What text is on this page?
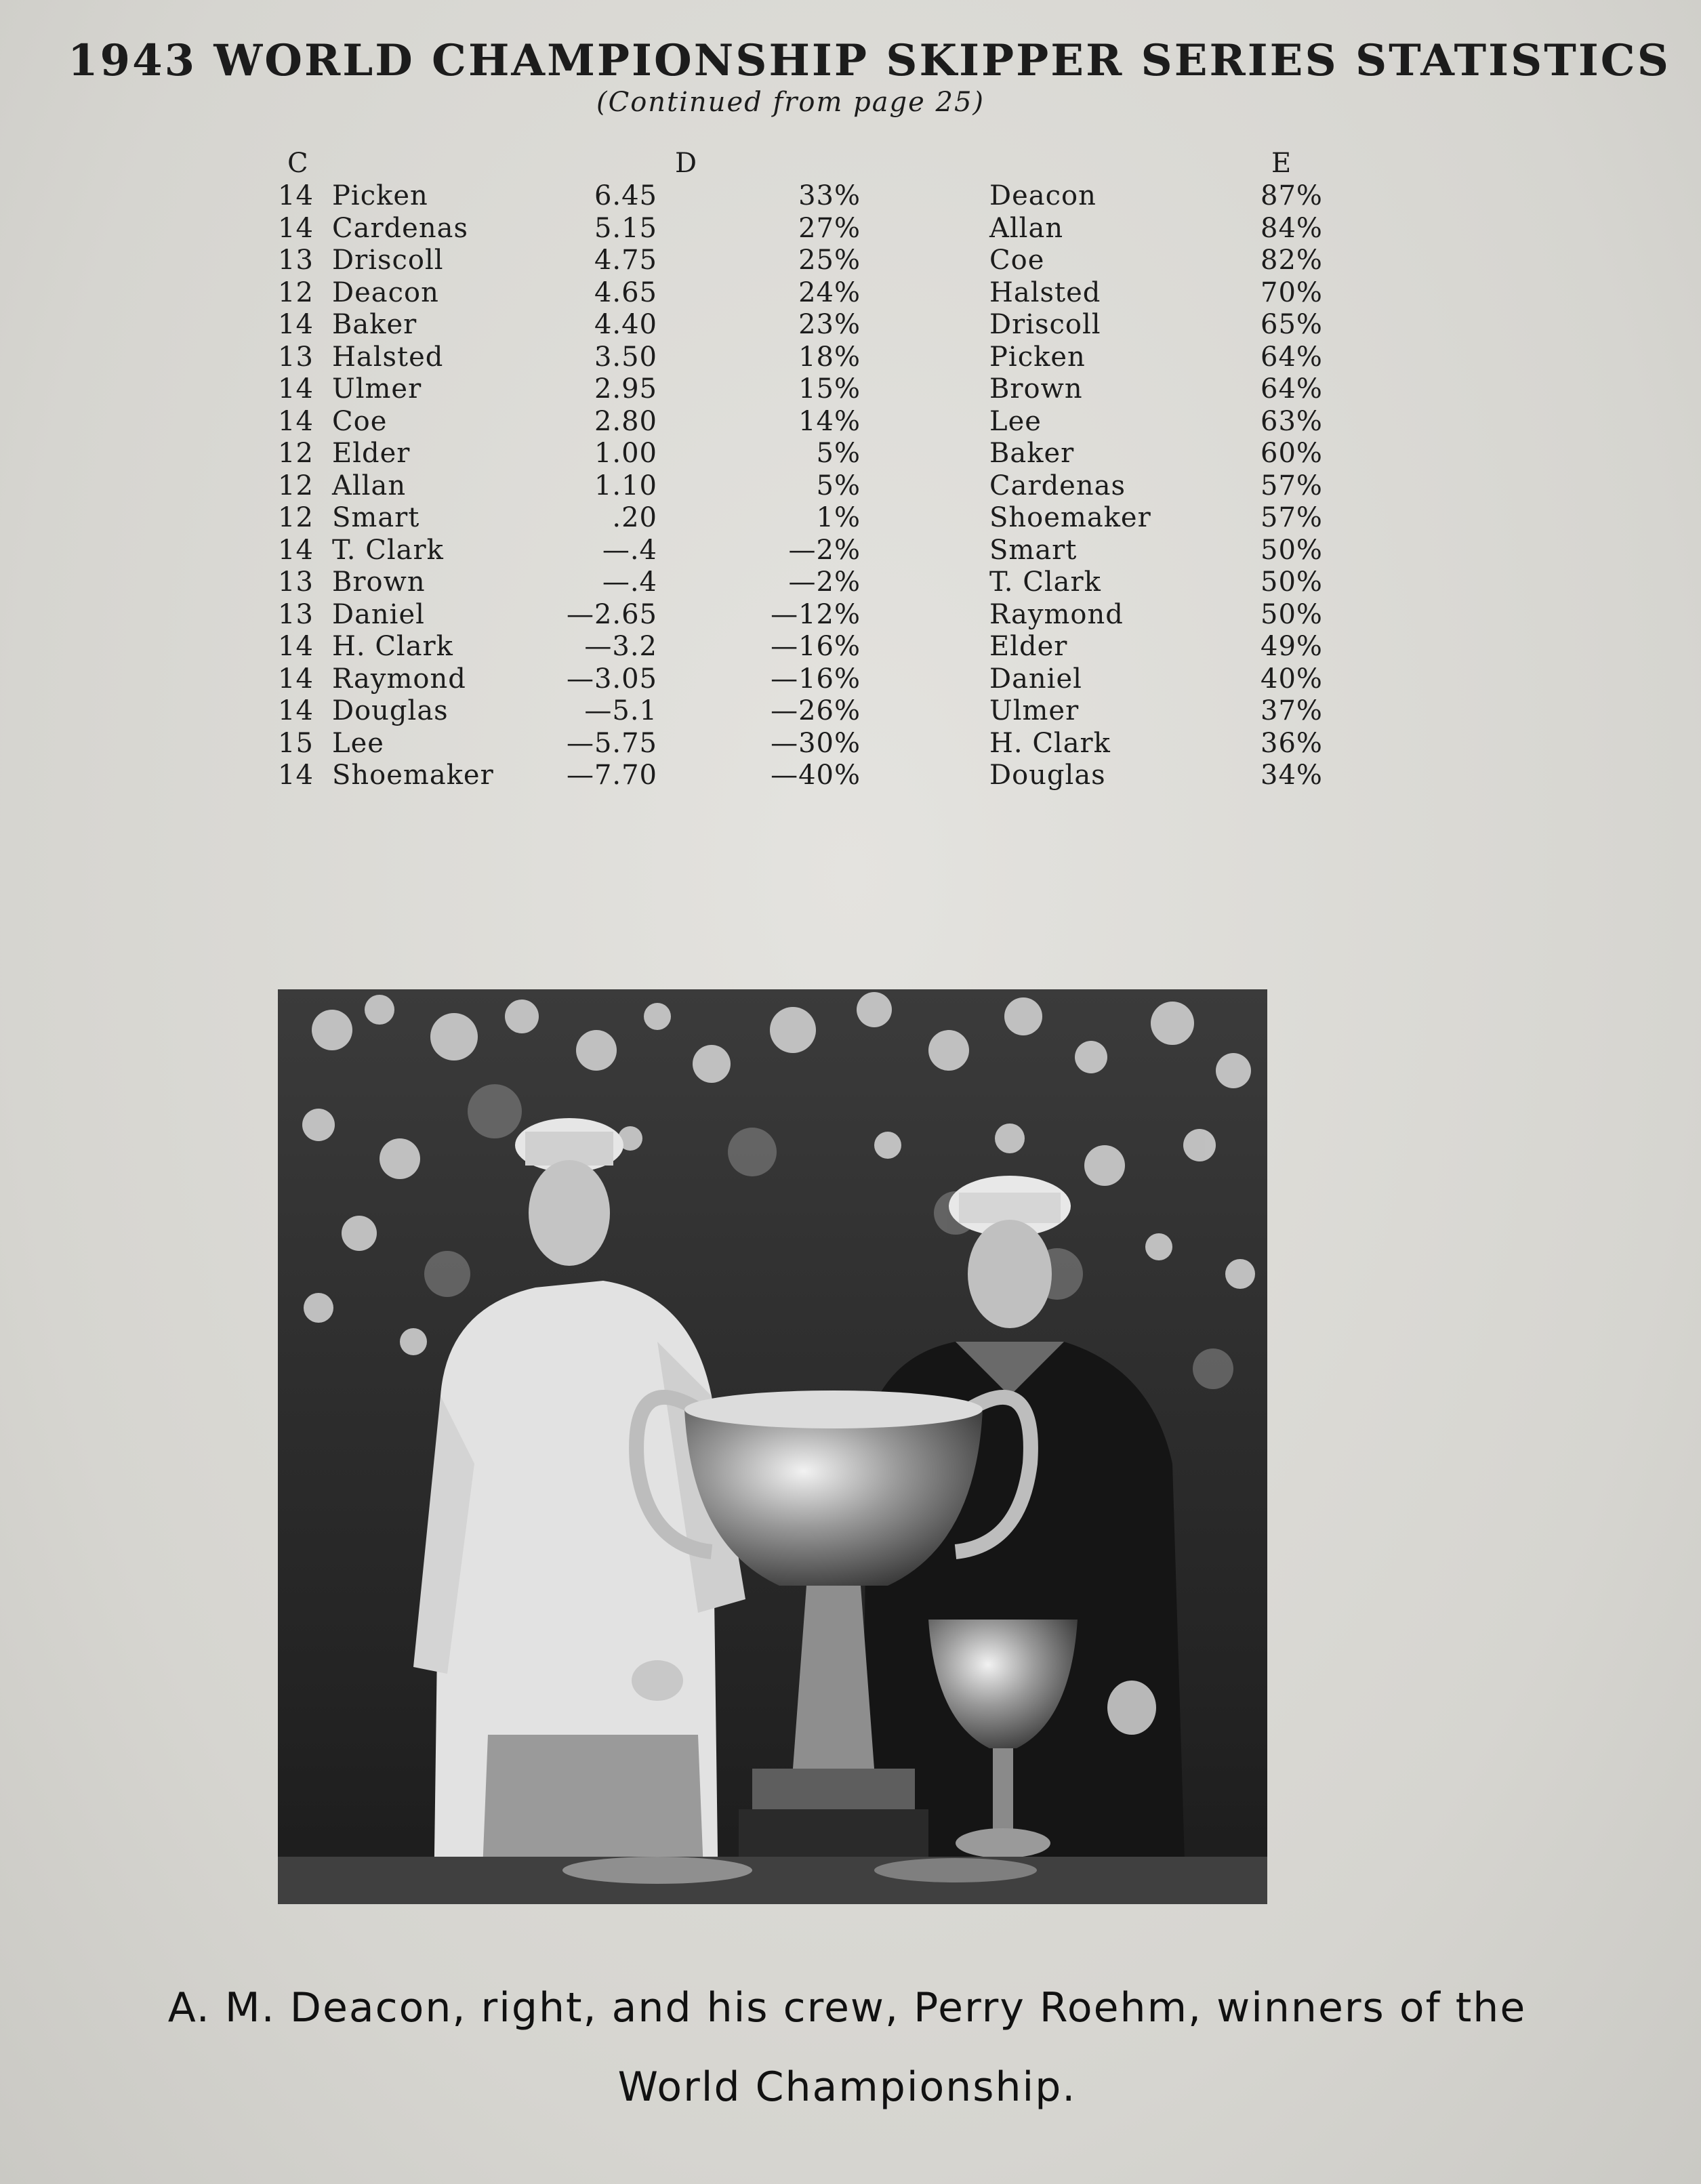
1943 WORLD CHAMPIONSHIP SKIPPER SERIES STATISTICS
(Continued from page 25)
C	D	E
14 Picken	6.45	33%	Deacon	87%
14 Cardenas	5.15	27%	Allan	84%
13 Driscoll	4.75	25%	Coe	82%
12 Deacon	4.65	24%	Halsted	70%
14 Baker	4.40	23%	Driscoll	65%
13 Halsted	3.50	18%	Picken	64%
14 Ulmer	2.95	15%	Brown	64%
14 Coe	2.80	14%	Lee	63%
12 Elder	1.00	5%	Baker	60%
12 Allan	1.10	5%	Cardenas	57%
12 Smart	.20	1%	Shoemaker	57%
14 T. Clark	—.4	—2%	Smart	50%
13 Brown	—.4	—2%	T. Clark	50%
13 Daniel	—2.65	—12%	Raymond	50%
14 H. Clark	—3.2	—16%	Elder	49%
14 Raymond	—3.05	—16%	Daniel	40%
14 Douglas	—5.1	—26%	Ulmer	37%
15 Lee	—5.75	—30%	H. Clark	36%
14 Shoemaker	—7.70	—40%	Douglas	34%
A. M. Deacon, right, and his crew, Perry Roehm, winners of the
World Championship.
